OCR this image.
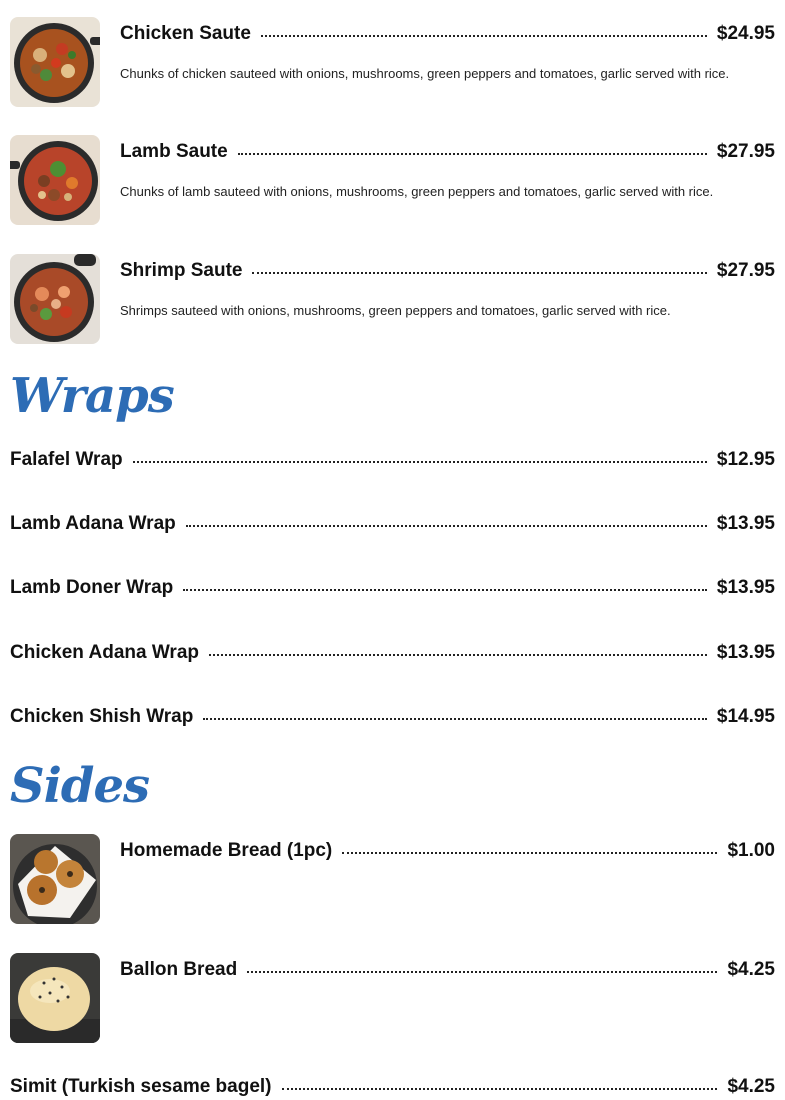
Chicken Saute	$24.95
Chunks of chicken sauteed with onions, mushrooms, green peppers and tomatoes, garlic served with rice.
Lamb Saute	$27.95
Chunks of lamb sauteed with onions, mushrooms, green peppers and tomatoes, garlic served with rice.
Shrimp Saute	$27.95
Shrimps sauteed with onions, mushrooms, green peppers and tomatoes, garlic served with rice.
Wraps
Falafel Wrap	$12.95
Lamb Adana Wrap	$13.95
Lamb Doner Wrap	$13.95
Chicken Adana Wrap	$13.95
Chicken Shish Wrap	$14.95
Sides
Homemade Bread (1pc)	$1.00
Ballon Bread	$4.25
Simit (Turkish sesame bagel)	$4.25
